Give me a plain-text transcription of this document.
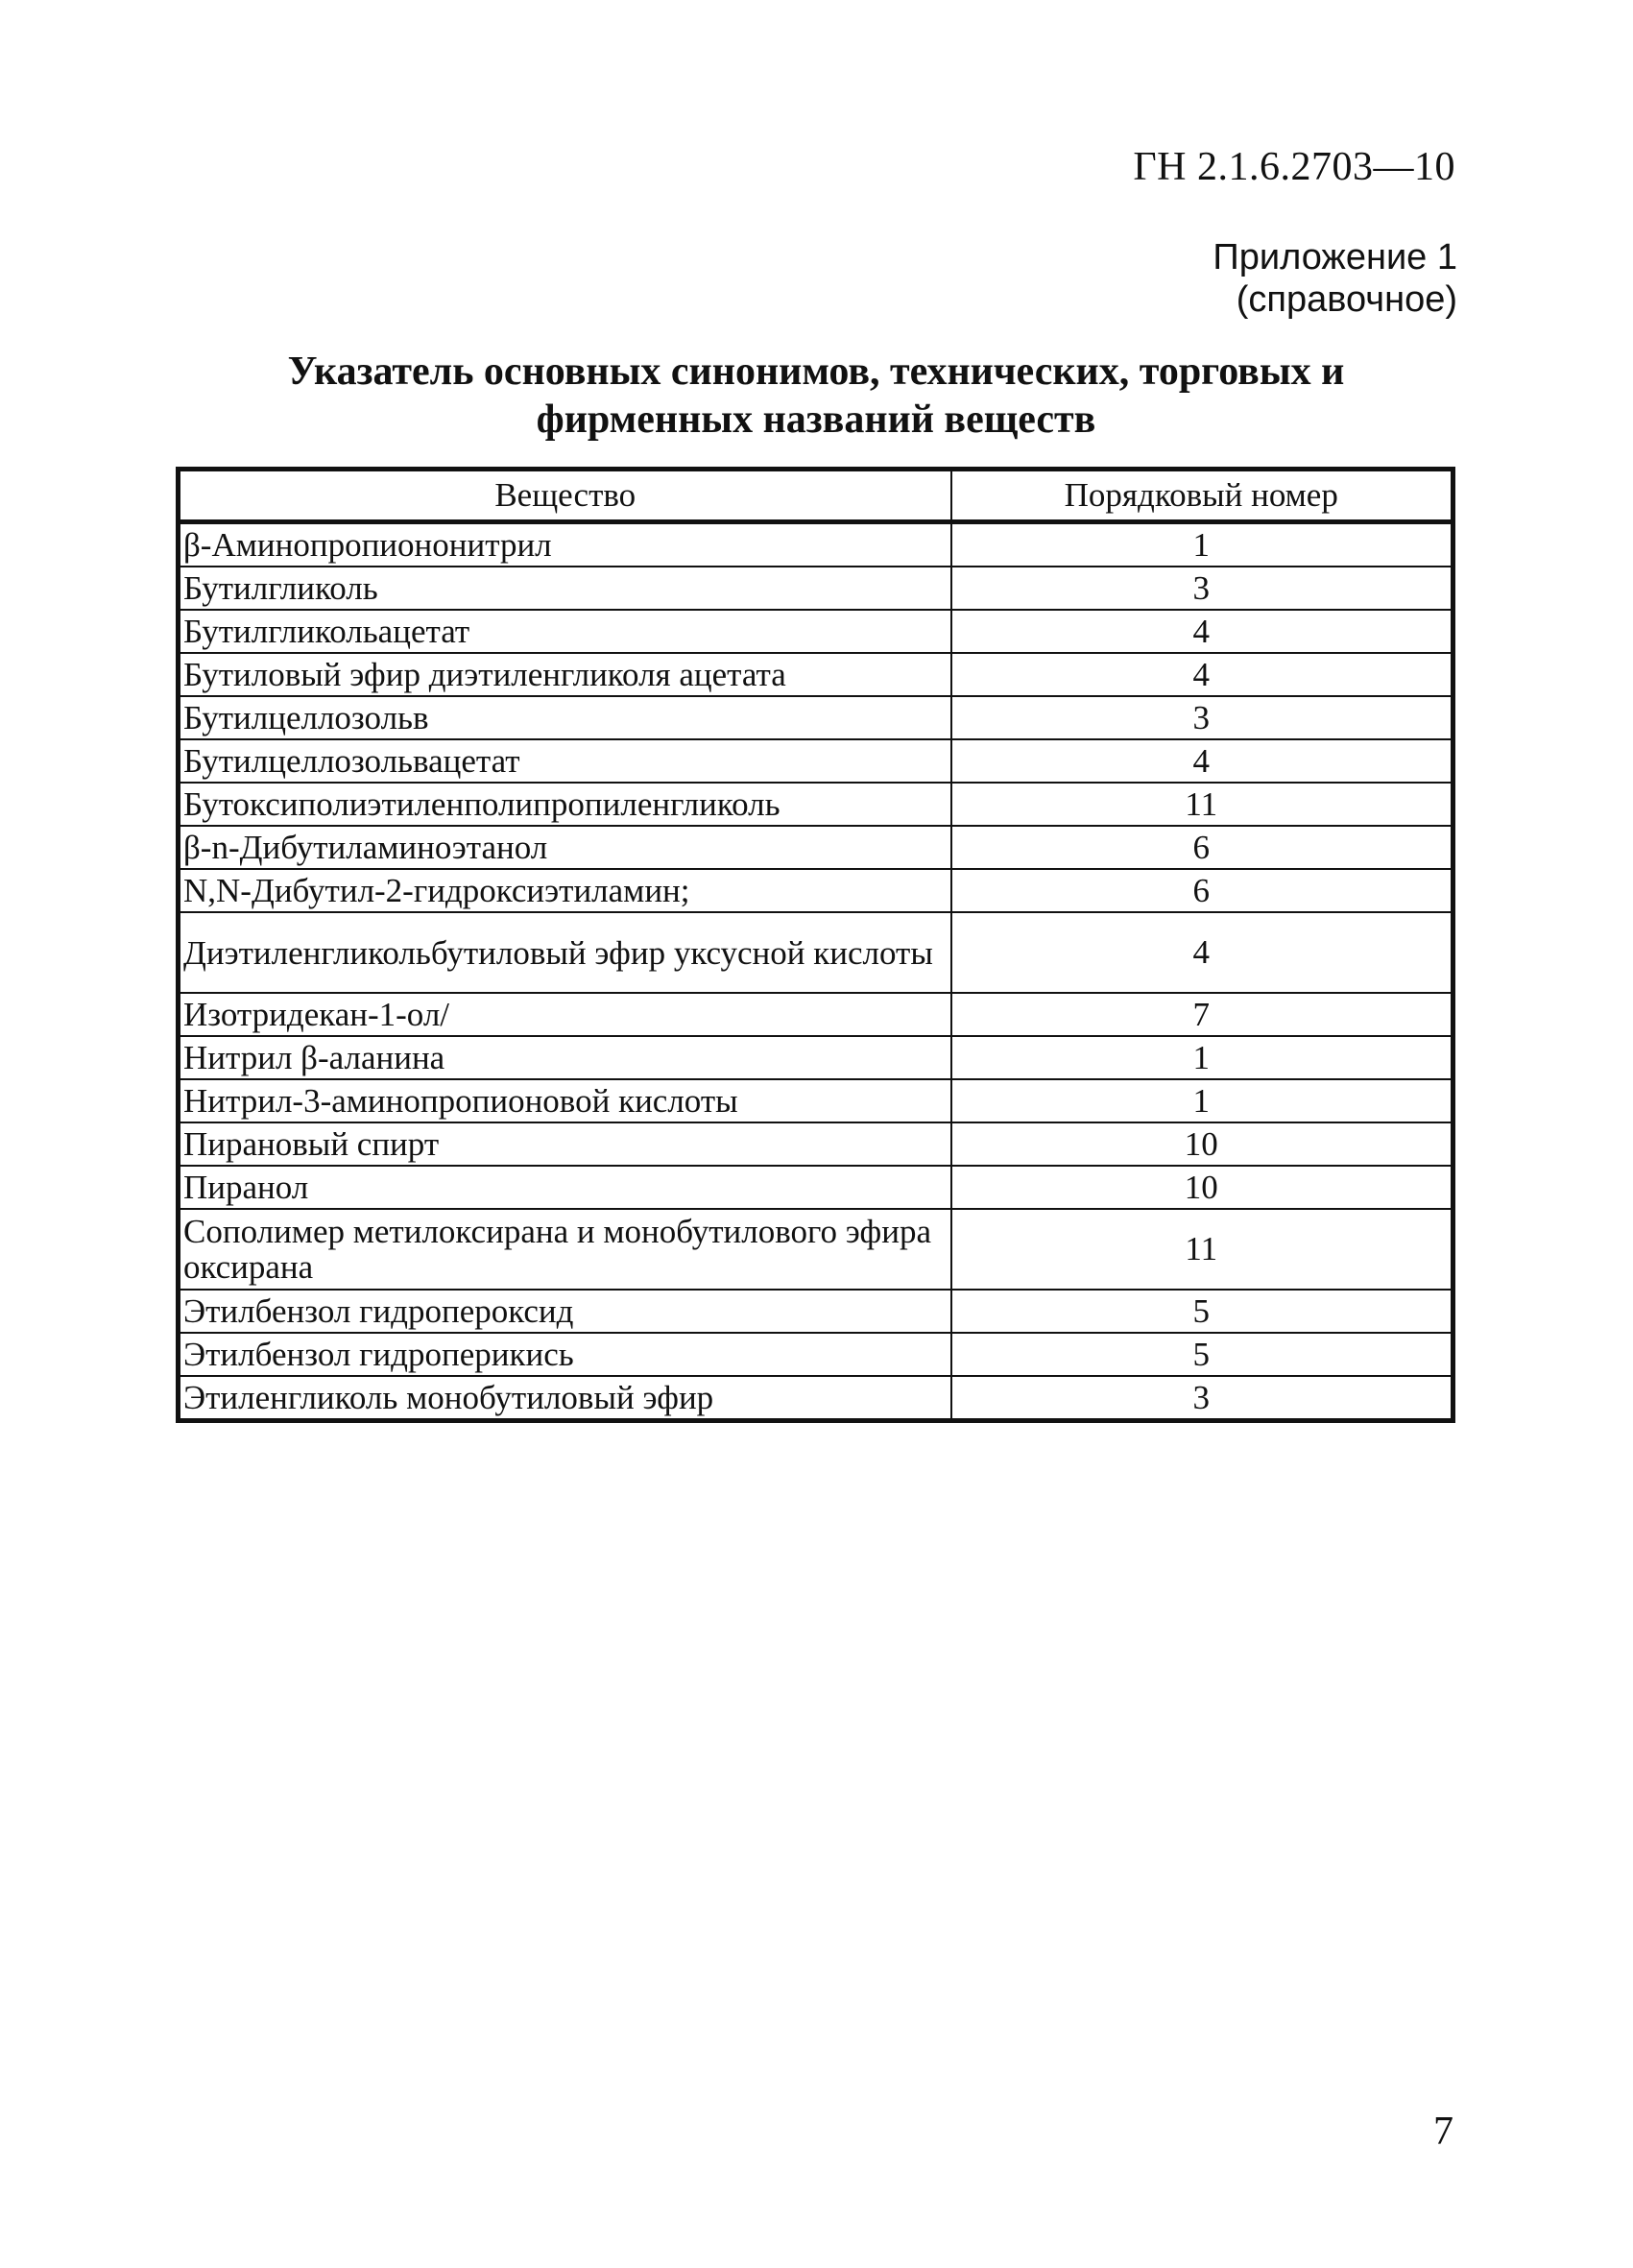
ГН 2.1.6.2703—10
Приложение 1
(справочное)
Указатель основных синонимов, технических, торговых и
фирменных названий веществ
Вещество	Порядковый номер
β-Аминопропиононитрил	1
Бутилгликоль	3
Бутилгликольацетат	4
Бутиловый эфир диэтиленгликоля ацетата	4
Бутилцеллозольв	3
Бутилцеллозольвацетат	4
Бутоксиполиэтиленполипропиленгликоль	11
β-n-Дибутиламиноэтанол	6
N,N-Дибутил-2-гидроксиэтиламин;	6
Диэтиленгликольбутиловый эфир уксусной кислоты	4
Изотридекан-1-ол/	7
Нитрил β-аланина	1
Нитрил-3-аминопропионовой кислоты	1
Пирановый спирт	10
Пиранол	10
Сополимер метилоксирана и монобутилового эфира оксирана	11
Этилбензол гидропероксид	5
Этилбензол гидроперикись	5
Этиленгликоль монобутиловый эфир	3
7
